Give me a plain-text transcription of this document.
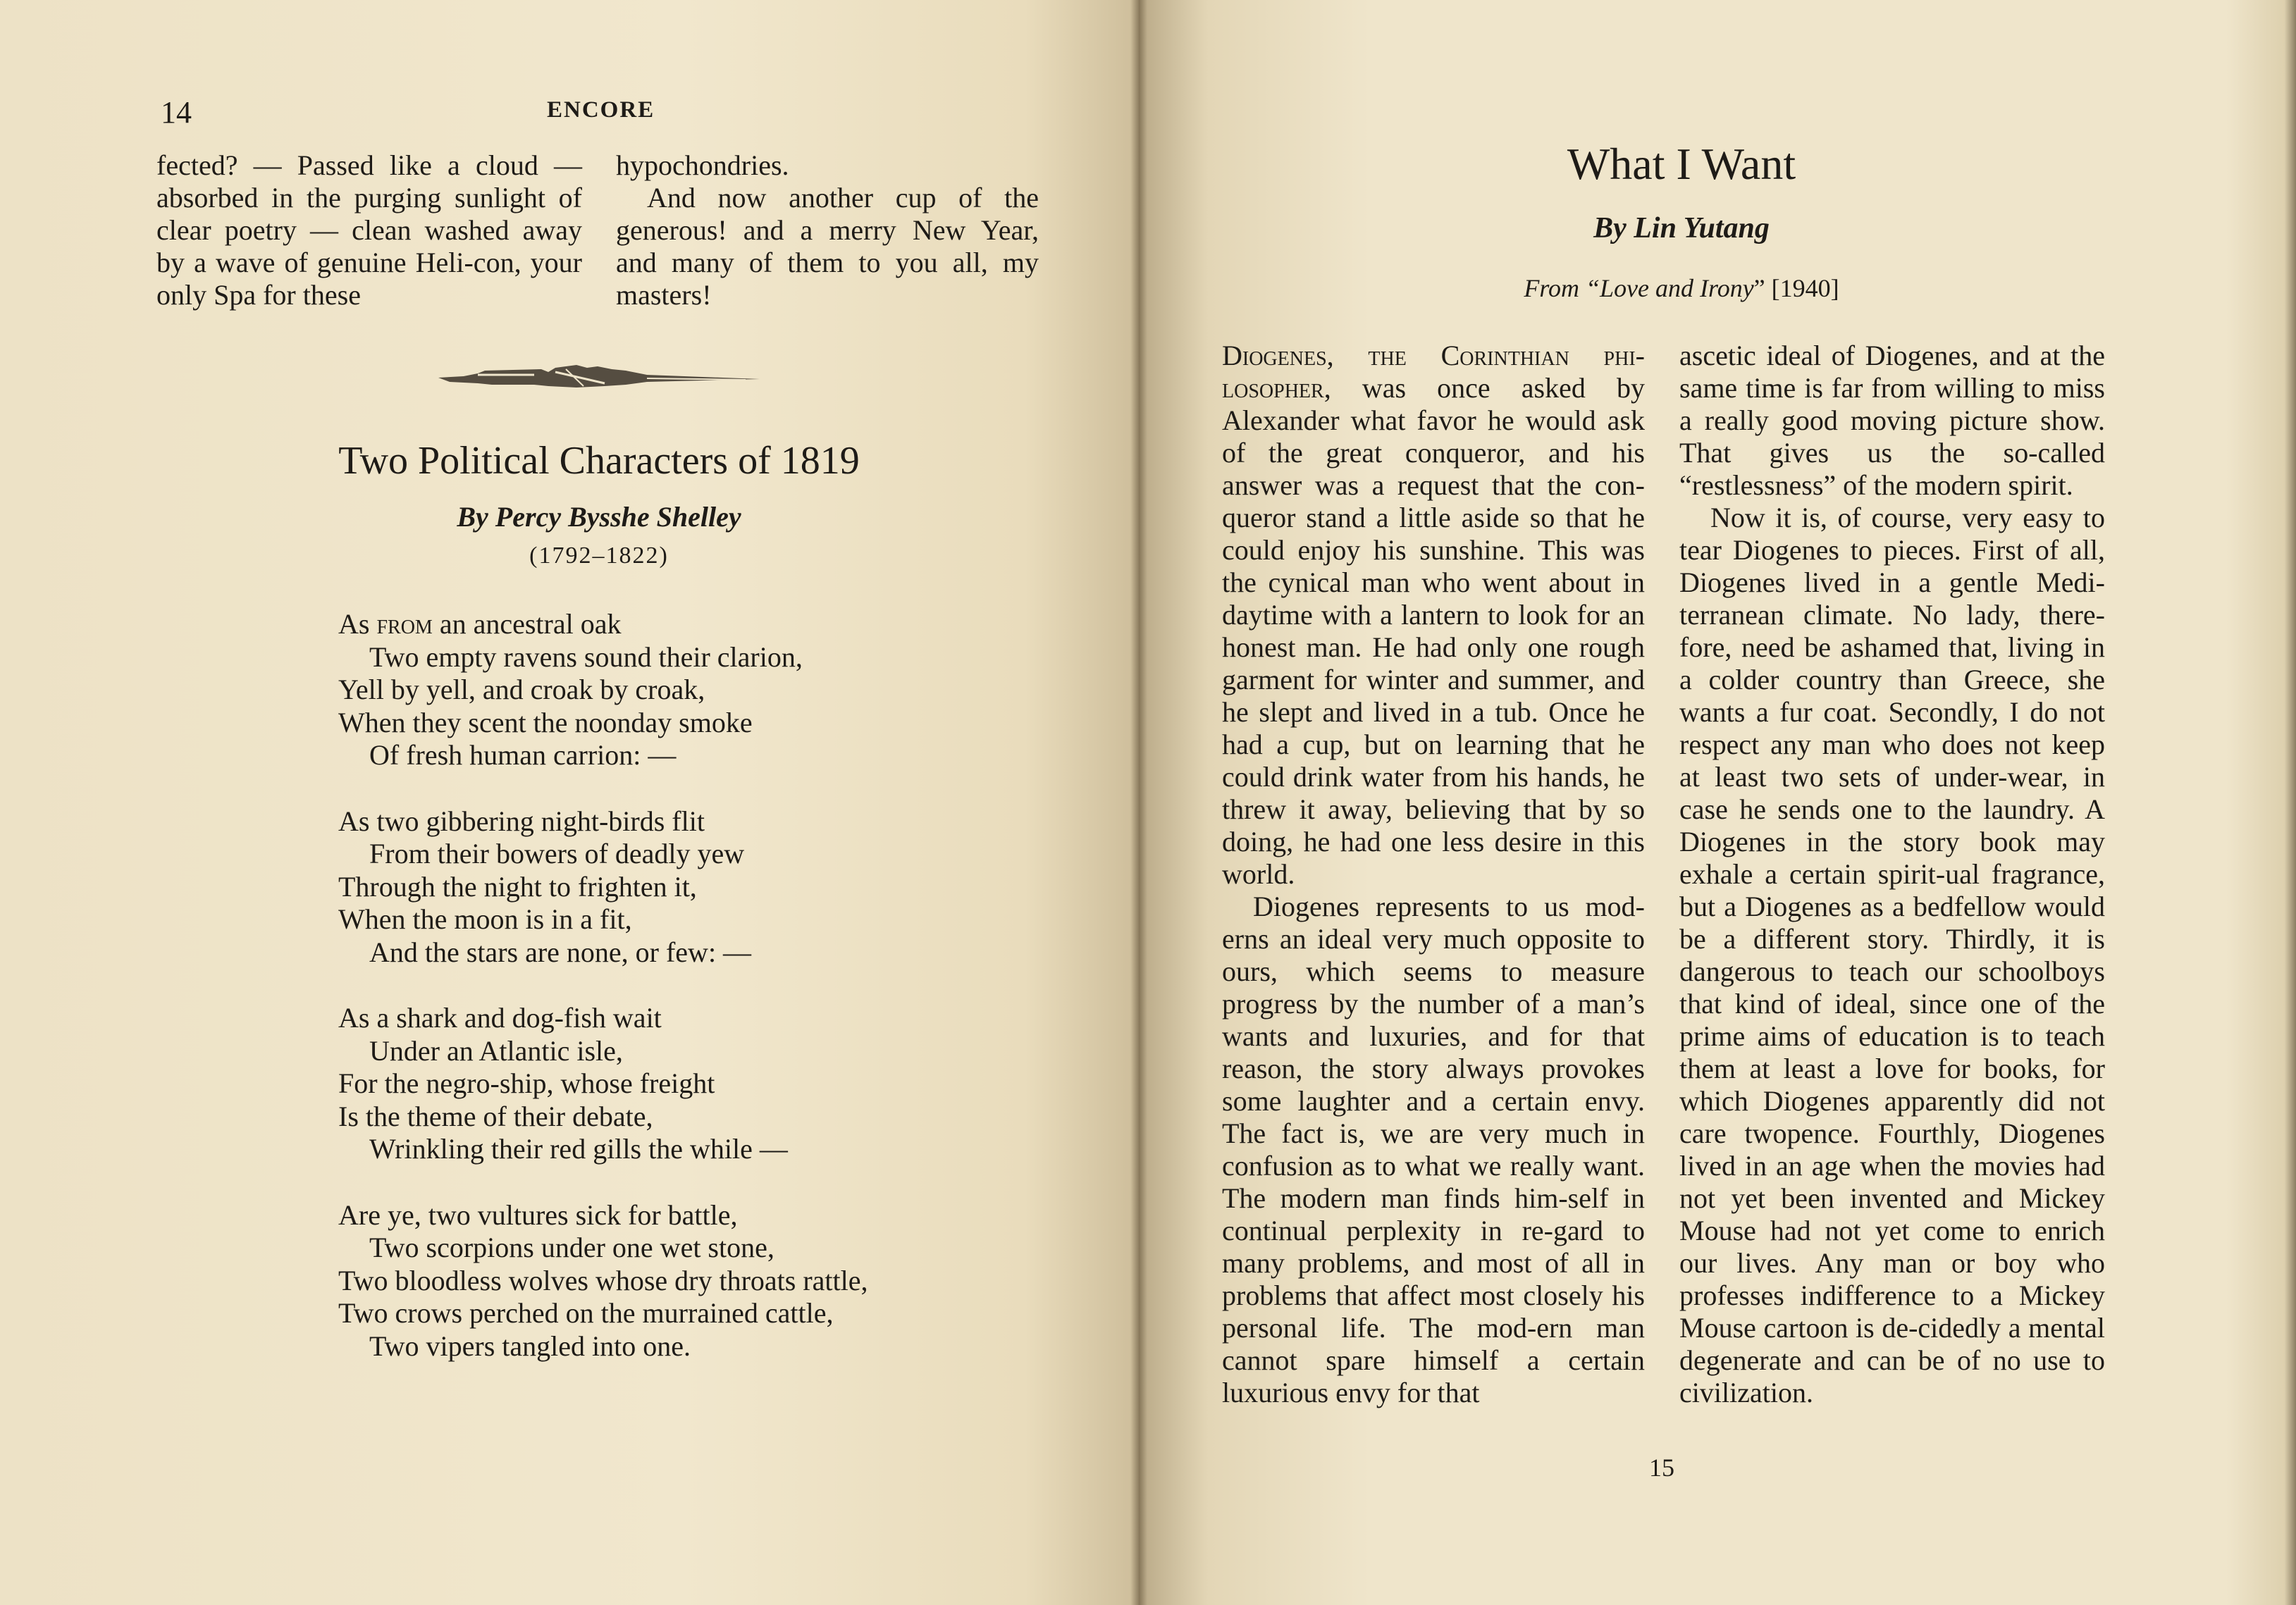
14	ENCORE

fected? — Passed like a cloud — absorbed in the purging sunlight of clear poetry — clean washed away by a wave of genuine Heli-con, your only Spa for these

hypochondries.

And now another cup of the generous! and a merry New Year, and many of them to you all, my masters!

Two Political Characters of 1819
By Percy Bysshe Shelley
(1792–1822)
As from an ancestral oak
Two empty ravens sound their clarion,
Yell by yell, and croak by croak,
When they scent the noonday smoke
Of fresh human carrion: —
As two gibbering night-birds flit
From their bowers of deadly yew
Through the night to frighten it,
When the moon is in a fit,
And the stars are none, or few: —
As a shark and dog-fish wait
Under an Atlantic isle,
For the negro-ship, whose freight
Is the theme of their debate,
Wrinkling their red gills the while —
Are ye, two vultures sick for battle,
Two scorpions under one wet stone,
Two bloodless wolves whose dry throats rattle,
Two crows perched on the murrained cattle,
Two vipers tangled into one.
What I Want
By Lin Yutang
From “Love and Irony” [1940]

Diogenes, the Corinthian phi-losopher, was once asked by Alexander what favor he would ask of the great conqueror, and his answer was a request that the con-queror stand a little aside so that he could enjoy his sunshine. This was the cynical man who went about in daytime with a lantern to look for an honest man. He had only one rough garment for winter and summer, and he slept and lived in a tub. Once he had a cup, but on learning that he could drink water from his hands, he threw it away, believing that by so doing, he had one less desire in this world.

Diogenes represents to us mod-erns an ideal very much opposite to ours, which seems to measure progress by the number of a man’s wants and luxuries, and for that reason, the story always provokes some laughter and a certain envy. The fact is, we are very much in confusion as to what we really want. The modern man finds him-self in continual perplexity in re-gard to many problems, and most of all in problems that affect most closely his personal life. The mod-ern man cannot spare himself a certain luxurious envy for that

ascetic ideal of Diogenes, and at the same time is far from willing to miss a really good moving picture show. That gives us the so-called “restlessness” of the modern spirit.

Now it is, of course, very easy to tear Diogenes to pieces. First of all, Diogenes lived in a gentle Medi-terranean climate. No lady, there-fore, need be ashamed that, living in a colder country than Greece, she wants a fur coat. Secondly, I do not respect any man who does not keep at least two sets of under-wear, in case he sends one to the laundry. A Diogenes in the story book may exhale a certain spirit-ual fragrance, but a Diogenes as a bedfellow would be a different story. Thirdly, it is dangerous to teach our schoolboys that kind of ideal, since one of the prime aims of education is to teach them at least a love for books, for which Diogenes apparently did not care twopence. Fourthly, Diogenes lived in an age when the movies had not yet been invented and Mickey Mouse had not yet come to enrich our lives. Any man or boy who professes indifference to a Mickey Mouse cartoon is de-cidedly a mental degenerate and can be of no use to civilization.

15
